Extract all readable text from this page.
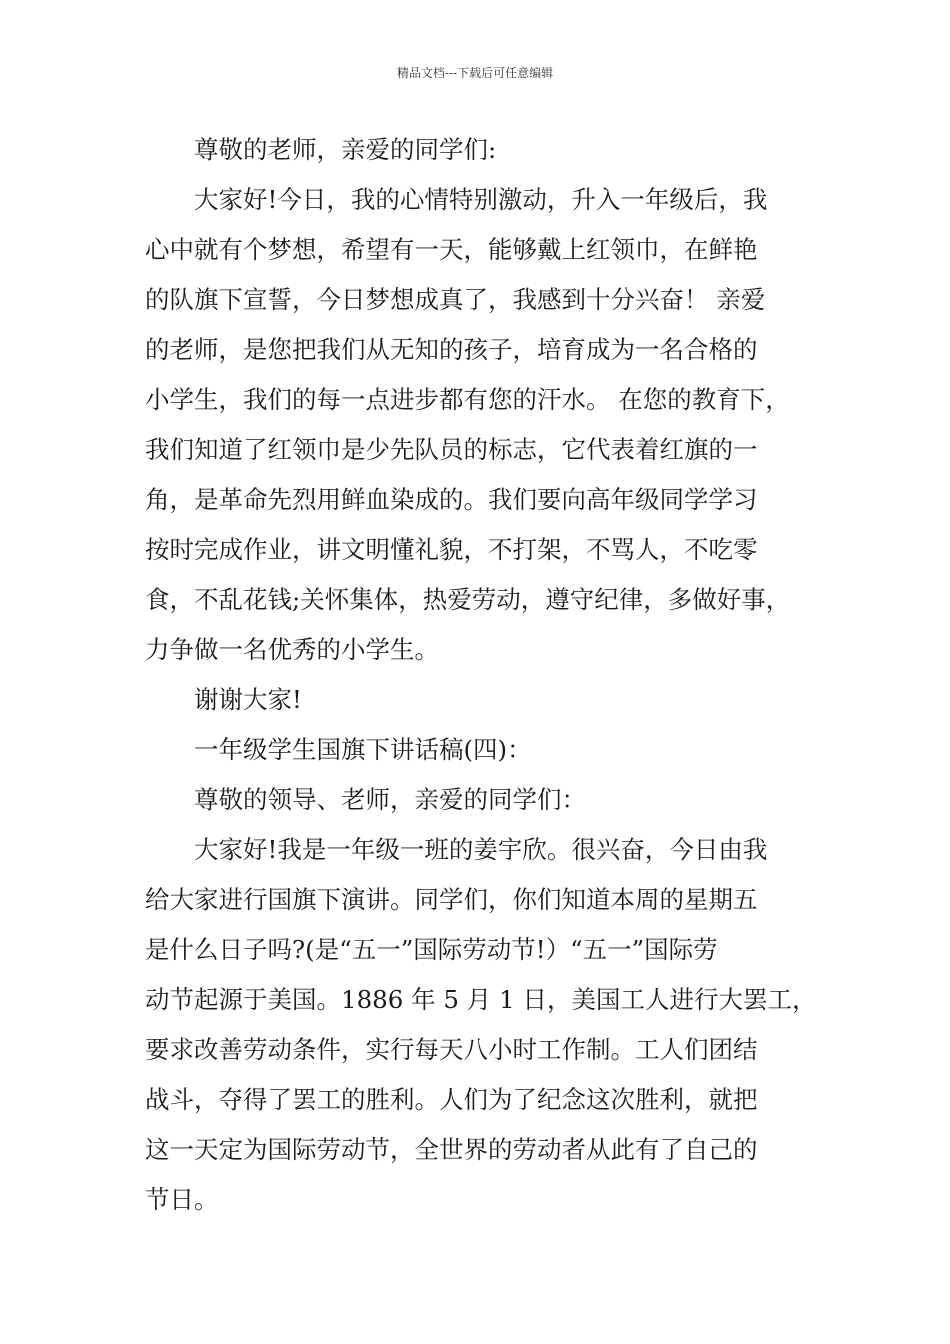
精品文档---下载后可任意编辑
尊敬的老师，亲爱的同学们:
大家好!今日，我的心情特别激动，升入一年级后，我
心中就有个梦想，希望有一天，能够戴上红领巾，在鲜艳
的队旗下宣誓，今日梦想成真了，我感到十分兴奋！ 亲爱
的老师，是您把我们从无知的孩子，培育成为一名合格的
小学生，我们的每一点进步都有您的汗水。 在您的教育下，
我们知道了红领巾是少先队员的标志，它代表着红旗的一
角，是革命先烈用鲜血染成的。我们要向高年级同学学习
按时完成作业，讲文明懂礼貌，不打架，不骂人，不吃零
食，不乱花钱;关怀集体，热爱劳动，遵守纪律，多做好事，
力争做一名优秀的小学生。
谢谢大家!
一年级学生国旗下讲话稿(四)：
尊敬的领导、老师，亲爱的同学们：
大家好!我是一年级一班的姜宇欣。很兴奋，今日由我
给大家进行国旗下演讲。同学们，你们知道本周的星期五
是什么日子吗?(是“五一”国际劳动节!）“五一”国际劳
动节起源于美国。1886 年 5 月 1 日，美国工人进行大罢工，
要求改善劳动条件，实行每天八小时工作制。工人们团结
战斗，夺得了罢工的胜利。人们为了纪念这次胜利，就把
这一天定为国际劳动节，全世界的劳动者从此有了自己的
节日。
